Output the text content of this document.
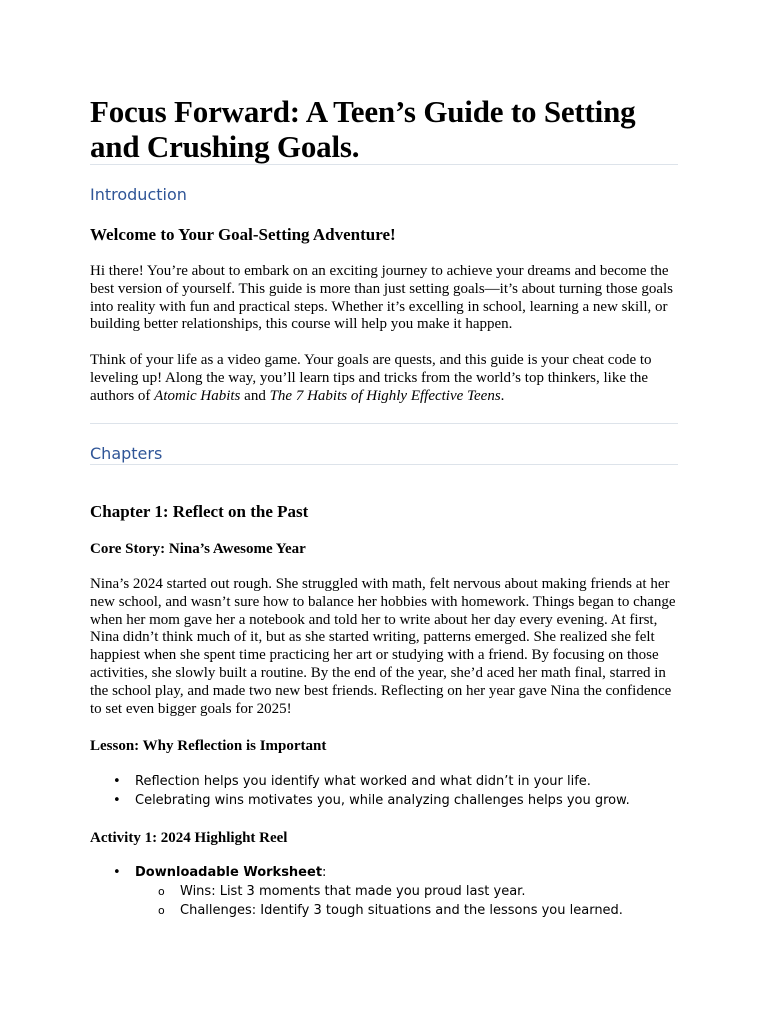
Focus Forward: A Teen’s Guide to Setting and Crushing Goals.
Introduction
Welcome to Your Goal-Setting Adventure!

Hi there! You’re about to embark on an exciting journey to achieve your dreams and become the best version of yourself. This guide is more than just setting goals—it’s about turning those goals into reality with fun and practical steps. Whether it’s excelling in school, learning a new skill, or building better relationships, this course will help you make it happen.

Think of your life as a video game. Your goals are quests, and this guide is your cheat code to leveling up! Along the way, you’ll learn tips and tricks from the world’s top thinkers, like the authors of Atomic Habits and The 7 Habits of Highly Effective Teens.

Chapters
Chapter 1: Reflect on the Past
Core Story: Nina’s Awesome Year

Nina’s 2024 started out rough. She struggled with math, felt nervous about making friends at her new school, and wasn’t sure how to balance her hobbies with homework. Things began to change when her mom gave her a notebook and told her to write about her day every evening. At first, Nina didn’t think much of it, but as she started writing, patterns emerged. She realized she felt happiest when she spent time practicing her art or studying with a friend. By focusing on those activities, she slowly built a routine. By the end of the year, she’d aced her math final, starred in the school play, and made two new best friends. Reflecting on her year gave Nina the confidence to set even bigger goals for 2025!

Lesson: Why Reflection is Important
• Reflection helps you identify what worked and what didn’t in your life.
• Celebrating wins motivates you, while analyzing challenges helps you grow.
Activity 1: 2024 Highlight Reel
• Downloadable Worksheet:
o Wins: List 3 moments that made you proud last year.
o Challenges: Identify 3 tough situations and the lessons you learned.
